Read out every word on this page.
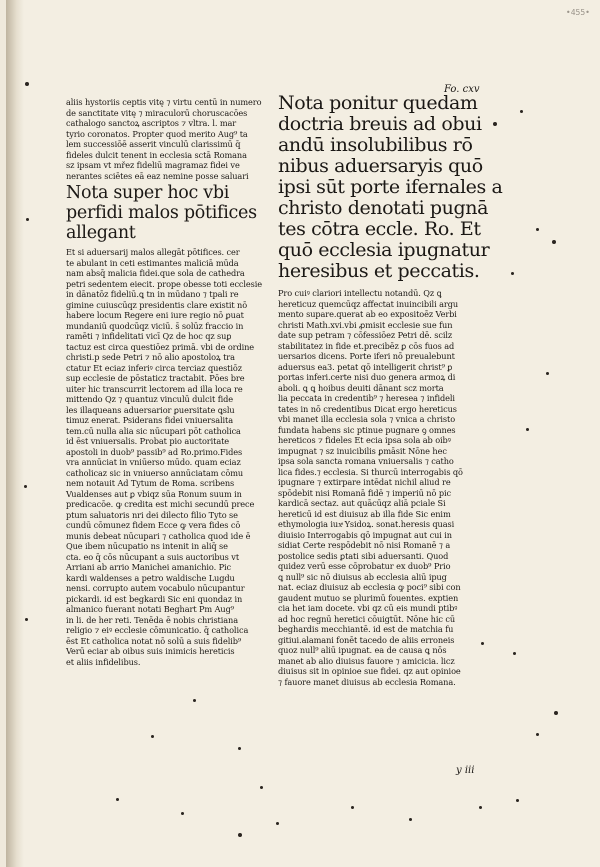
•455•
Fo. cxv
aliis hystoriis ceptis vitę ⁊ virtu centū in numero
de sanctitate vitę ⁊ miraculorū choruscacōes
cathalogo sanctoꝝ ascriptos ⁊ vltra. l. mar
tyrio coronatos. Propter quod merito Aug⁹ ta
lem successiōē asserit vinculū clarissimū q̄
fideles dulcit tenent in ecclesia sctā Romana
sz ipsam vt mřez fideliū magramaz fidei ve
nerantes sciētes eā eaz nemine posse saluari
Nota super hoc vbi
perfidi malos pōtifices
allegant
Et si aduersarij malos allegāt pōtifices. cer
te abulant in ceti estimantes maliciā mūda
nam absq̄ malicia fidei.que sola de cathedra
petri sedentem eiecit. prope obesse toti ecclesie
in dānatōz fideliū.ꝗ tn in mūdano ⁊ tpali re
gimine cuiuscūqz presidentis clare existit nō
habere locum Regere eni iure regio nō ꝑuat
mundaniū quodcūqz viciū. s̄ solūz fraccio in
ramēti ⁊ infidelitati vicī Qz de hoc qz suꝑ
tactuz est circa questiōez primā. vbi de ordine
christi.p sede Petri ⁊ nō alio apostoloꝝ tra
ctatur Et eciaz inferiꝰ circa terciaz questiōz
sup ecclesie de pōstaticz tractabit. Pōes bre
uiter hic transcurrit lectorem ad illa loca re
mittendo Qz ⁊ quantuz vinculū dulcit fide
les illaqueans aduersarior ꝑuersitate ꝗslu
timuz enerat. Psiderans fidei vniuersalita
tem.cū nulla alia sic nūcupari pōt catholica
id ēst vniuersalis. Probat pio auctoritate
apostoli in duob⁹ passib⁹ ad Ro.primo.Fides
vra annūciat in vniūerso mūdo. quam eciaz
catholicaz sic in vniuerso annūciatam cōmu
nem notauit Ad Tytum de Roma. scribens
Vualdenses aut ꝑ vbiqz sūa Ronum suum in
predicacōe. ꝙ credita est michi secundū prece
ptum saluatoris nri dei dilecto filio Tyto se
cundū cōmunez fidem Ecce ꝙ vera fides cō
munis debeat nūcupari ⁊ catholica quod ide ē
Que ibem nūcupatio ns intenit in aliq̄ se
cta. eo q̄ cōs nūcupant a suis auctoribus vt
Arriani ab arrio Manichei amanichio. Pic
kardi waldenses a petro waldische Lugdu
nensi. corrupto autem vocabulo nūcupantur
pickardi. id est begkardi Sic eni quondaz in
almanico fuerant notati Beghart Pm Aug⁹
in li. de her reti. Tenēda ē nobis christiana
religio ⁊ eiꝰ ecclesie cōmunicatio. q̄ catholica
ēst Et catholica notat nō solū a suis fidelib⁹
Verū eciar ab oibus suis inimicis hereticis
et aliis infidelibus.
Nota ponitur quedam
doctria breuis ad obui
andū insolubilibus rō
nibus aduersaryis quō
ipsi sūt porte ifernales a
christo denotati pugnā
tes cōtra eccle. Ro. Et
quō ecclesia ipugnatur
heresibus et peccatis.
Pro cuiꝰ clariori intellectu notandū. Qz ꝗ
hereticuz quemcūqz affectat inuincibili argu
mento supare.querat ab eo expositoēz Verbi
christi Math.xvi.vbi ꝓmisit ecclesie sue fun
date sup petram ⁊ cōfessiōez Petri dē. scilz
stabilitatez in fide et.precibēz ꝑ cōs fuos ad
uersarios dicens. Porte iferi nō preualebunt
aduersus ea3. petat qō intelligerit christ⁹ ꝑ
portas inferi.certe nisi duo genera armoꝝ di
aboli. ꝗ ꝗ hoibus deuiti dānant scz morta
lia peccata in credentib⁹ ⁊ heresea ⁊ infideli
tates in nō credentibus Dicat ergo hereticus
vbi manet illa ecclesia sola ⁊ vnica a christo
fundata habens sic ptinue pugnare ꝯ omnes
hereticos ⁊ fideles Et ecia ipsa sola ab oibꝰ
impugnat ⁊ sz inuicibilis ꝑmāsit Nōne hec
ipsa sola sancta romana vniuersalis ⁊ catho
lica fides.⁊ ecclesia. Si thurcū interrogabis qō
ipugnare ⁊ extirpare intēdat nichil aliud re
spōdebit nisi Romanā fidē ⁊ imperiū nō pic
kardicā sectaz. aut quācūqz aliā pciale Si
hereticū id est diuisuz ab illa fide Sic enim
ethymologia iuxͣ Ysidoꝝ. sonat.heresis quasi
diuisio Interrogabis qō impugnat aut cui in
sidiat Certe respōdebit nō nisi Romanē ⁊ a
postolice sedis ꝑtati sibi aduersanti. Quod
quidez verū esse cōprobatur ex duob⁹ Prio
ꝗ null⁹ sic nō diuisus ab ecclesia aliū ipug
nat. eciaz diuisuz ab ecclesia ꝙ poci⁹ sibi con
gaudent mutuo se plurimū fouentes. exptien
cia het iam docete. vbi qz cū eis mundi ptibꝰ
ad hoc regnū heretici cōuigtūt. Nōne hic cū
beghardis mecchiantē. id est de matchia fu
gitiui.alamani fonēt tacedo de aliis erroneis
quoz null⁹ aliū ipugnat. ea de causa ꝗ nōs
manet ab alio diuisus fauore ⁊ amicicia. licz
diuisus sit in opinioe sue fidei. qz aut opinioe
⁊ fauore manet diuisus ab ecclesia Romana.
y iii
